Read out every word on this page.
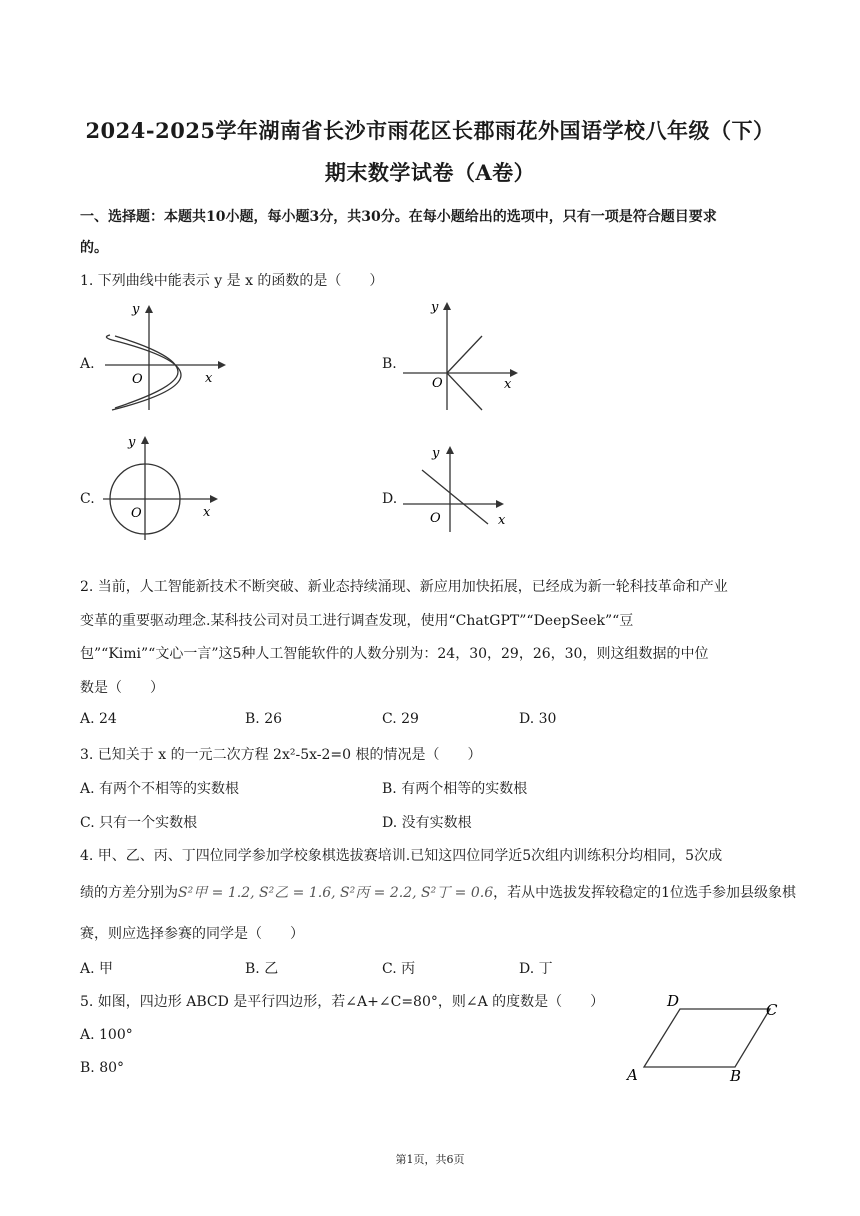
2024-2025学年湖南省长沙市雨花区长郡雨花外国语学校八年级（下）
期末数学试卷（A卷）
一、选择题：本题共10小题，每小题3分，共30分。在每小题给出的选项中，只有一项是符合题目要求
的。
1. 下列曲线中能表示 y 是 x 的函数的是（　　）
A.
y
x
O
B.
y
x
O
C.
y
x
O
D.
y
x
O
2. 当前，人工智能新技术不断突破、新业态持续涌现、新应用加快拓展，已经成为新一轮科技革命和产业
变革的重要驱动理念.某科技公司对员工进行调查发现，使用“ChatGPT”“DeepSeek”“豆
包”“Kimi”“文心一言”这5种人工智能软件的人数分别为：24，30，29，26，30，则这组数据的中位
数是（　　）
A. 24	B. 26	C. 29	D. 30
3. 已知关于 x 的一元二次方程 2x²-5x-2=0 根的情况是（　　）
A. 有两个不相等的实数根	B. 有两个相等的实数根
C. 只有一个实数根	D. 没有实数根
4. 甲、乙、丙、丁四位同学参加学校象棋选拔赛培训.已知这四位同学近5次组内训练积分均相同，5次成
绩的方差分别为S²甲 = 1.2, S²乙 = 1.6, S²丙 = 2.2, S²丁 = 0.6，若从中选拔发挥较稳定的1位选手参加县级象棋
赛，则应选择参赛的同学是（　　）
A. 甲	B. 乙	C. 丙	D. 丁
5. 如图，四边形 ABCD 是平行四边形，若∠A+∠C=80°，则∠A 的度数是（　　）
A. 100°
B. 80°	A	B
C
D
第1页，共6页
